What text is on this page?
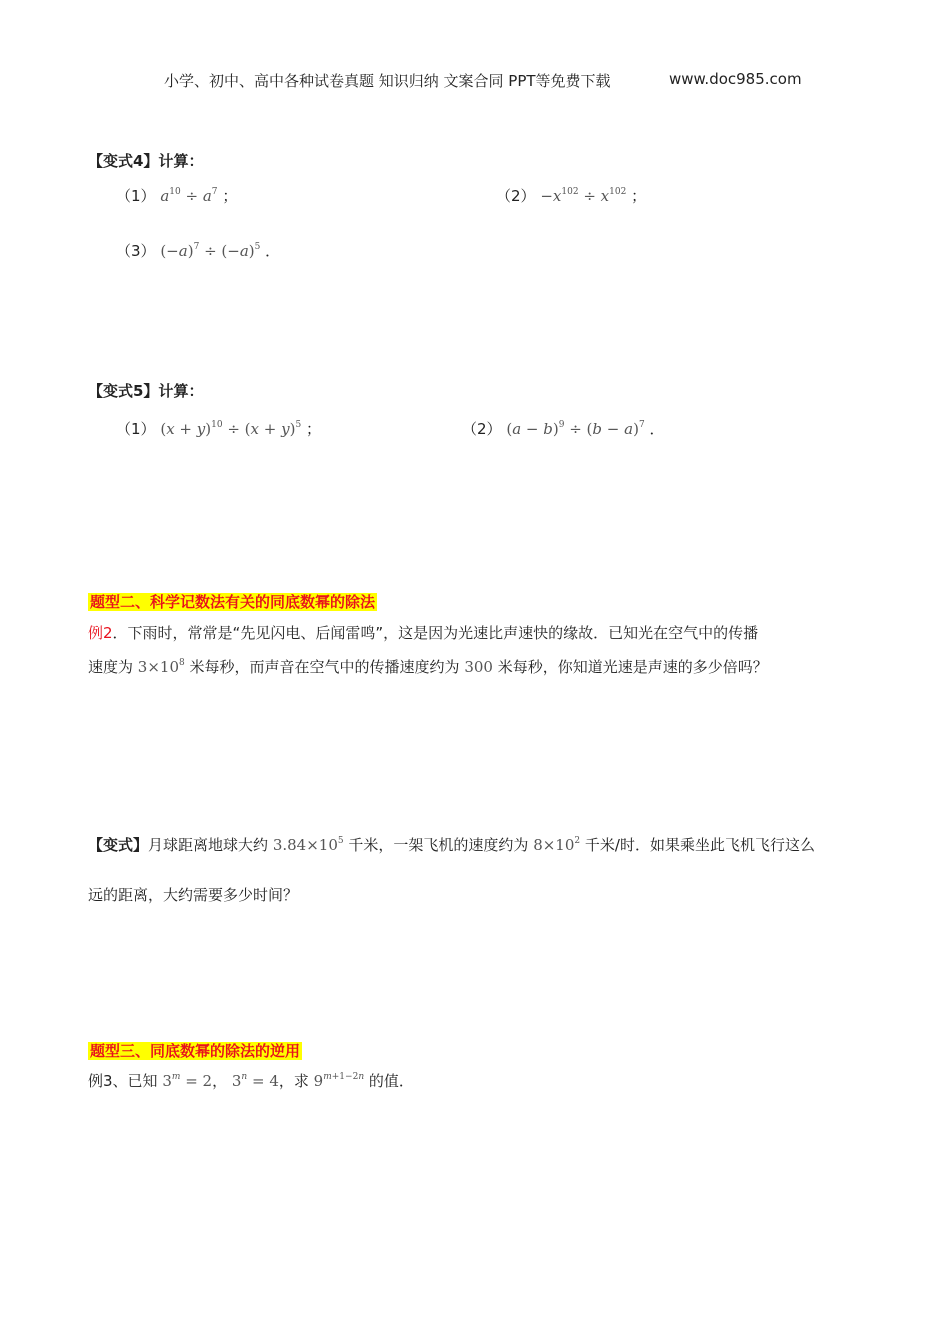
小学、初中、高中各种试卷真题 知识归纳 文案合同 PPT等免费下载	www.doc985.com
【变式4】计算：
（1） $a^{10} \div a^7$ ；	$(2) -x^{102} \div x^{102}$ ；
（3） $(-a)^7 \div (-a)^5$ ．
【变式5】计算：
（1） $(x + y)^{10} \div (x + y)^5$ ；	（2） $(a - b)^9 \div (b - a)^7$ ．
题型二、科学记数法有关的同底数幂的除法
例2．下雨时，常常是“先见闪电、后闻雷鸣”，这是因为光速比声速快的缘故．已知光在空气中的传播
速度为 $3\times 10^8$ 米每秒，而声音在空气中的传播速度约为 300 米每秒，你知道光速是声速的多少倍吗？
【变式】月球距离地球大约 $3.84\times 10^5$ 千米，一架飞机的速度约为 $8\times 10^2$ 千米/时．如果乘坐此飞机飞行这么
远的距离，大约需要多少时间？
题型三、同底数幂的除法的逆用
例3、已知 $3^m = 2$， $3^n = 4$，求 $9^{m+1-2n}$ 的值．
